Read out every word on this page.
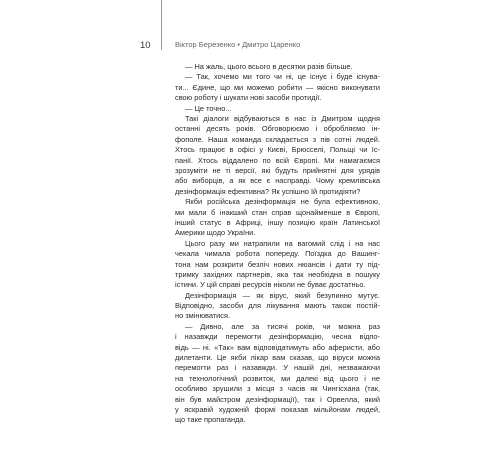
10	Віктор Березенко • Дмитро Царенко
— На жаль, цього всього в десятки разів більше.
— Так, хочемо ми того чи ні, це існує і буде існува-
ти... Єдине, що ми можемо робити — якісно виконувати
свою роботу і шукати нові засоби протидії.
— Це точно...
Такі діалоги відбуваються в нас із Дмитром щодня
останні десять років. Обговорюємо і обробляємо ін-
фополе. Наша команда складається з пів сотні людей.
Хтось працює в офісі у Києві, Брюсселі, Польщі чи Іс-
панії. Хтось віддалено по всій Європі. Ми намагаємся
зрозуміти не ті версії, які будуть прийнятні для урядів
або виборців, а як все є насправді. Чому кремлівська
дезінформація ефективна? Як успішно їй протидіяти?
Якби російська дезінформація не була ефективною,
ми мали б інакший стан справ щонайменше в Європі,
інший статус в Африці, іншу позицію країн Латинської
Америки щодо України.
Цього разу ми натрапили на вагомий слід і на нас
чекала чимала робота попереду. Поїздка до Вашинг-
тона нам розкрити безліч нових нюансів і дати ту під-
тримку західних партнерів, яка так необхідна в пошуку
істини. У цій справі ресурсів ніколи не буває достатньо.
Дезінформація — як вірус, який безупинно мутує.
Відповідно, засоби для лікування мають також постій-
но змінюватися.
— Дивно, але за тисячі років, чи можна раз
і назавжди перемогти дезінформацію, чесна відпо-
відь — ні. «Так» вам відповідатимуть або аферисти, або
дилетанти. Це якби лікар вам сказав, що віруси можна
перемогти раз і назавжди. У нашій дні, незважаючи
на технологічний розвиток, ми далекі від цього і не
особливо зрушили з місця з часів як Чингісхана (так,
він був майстром дезінформації), так і Орвелла, який
у яскравій художній формі показав мільйонам людей,
що таке пропаганда.
